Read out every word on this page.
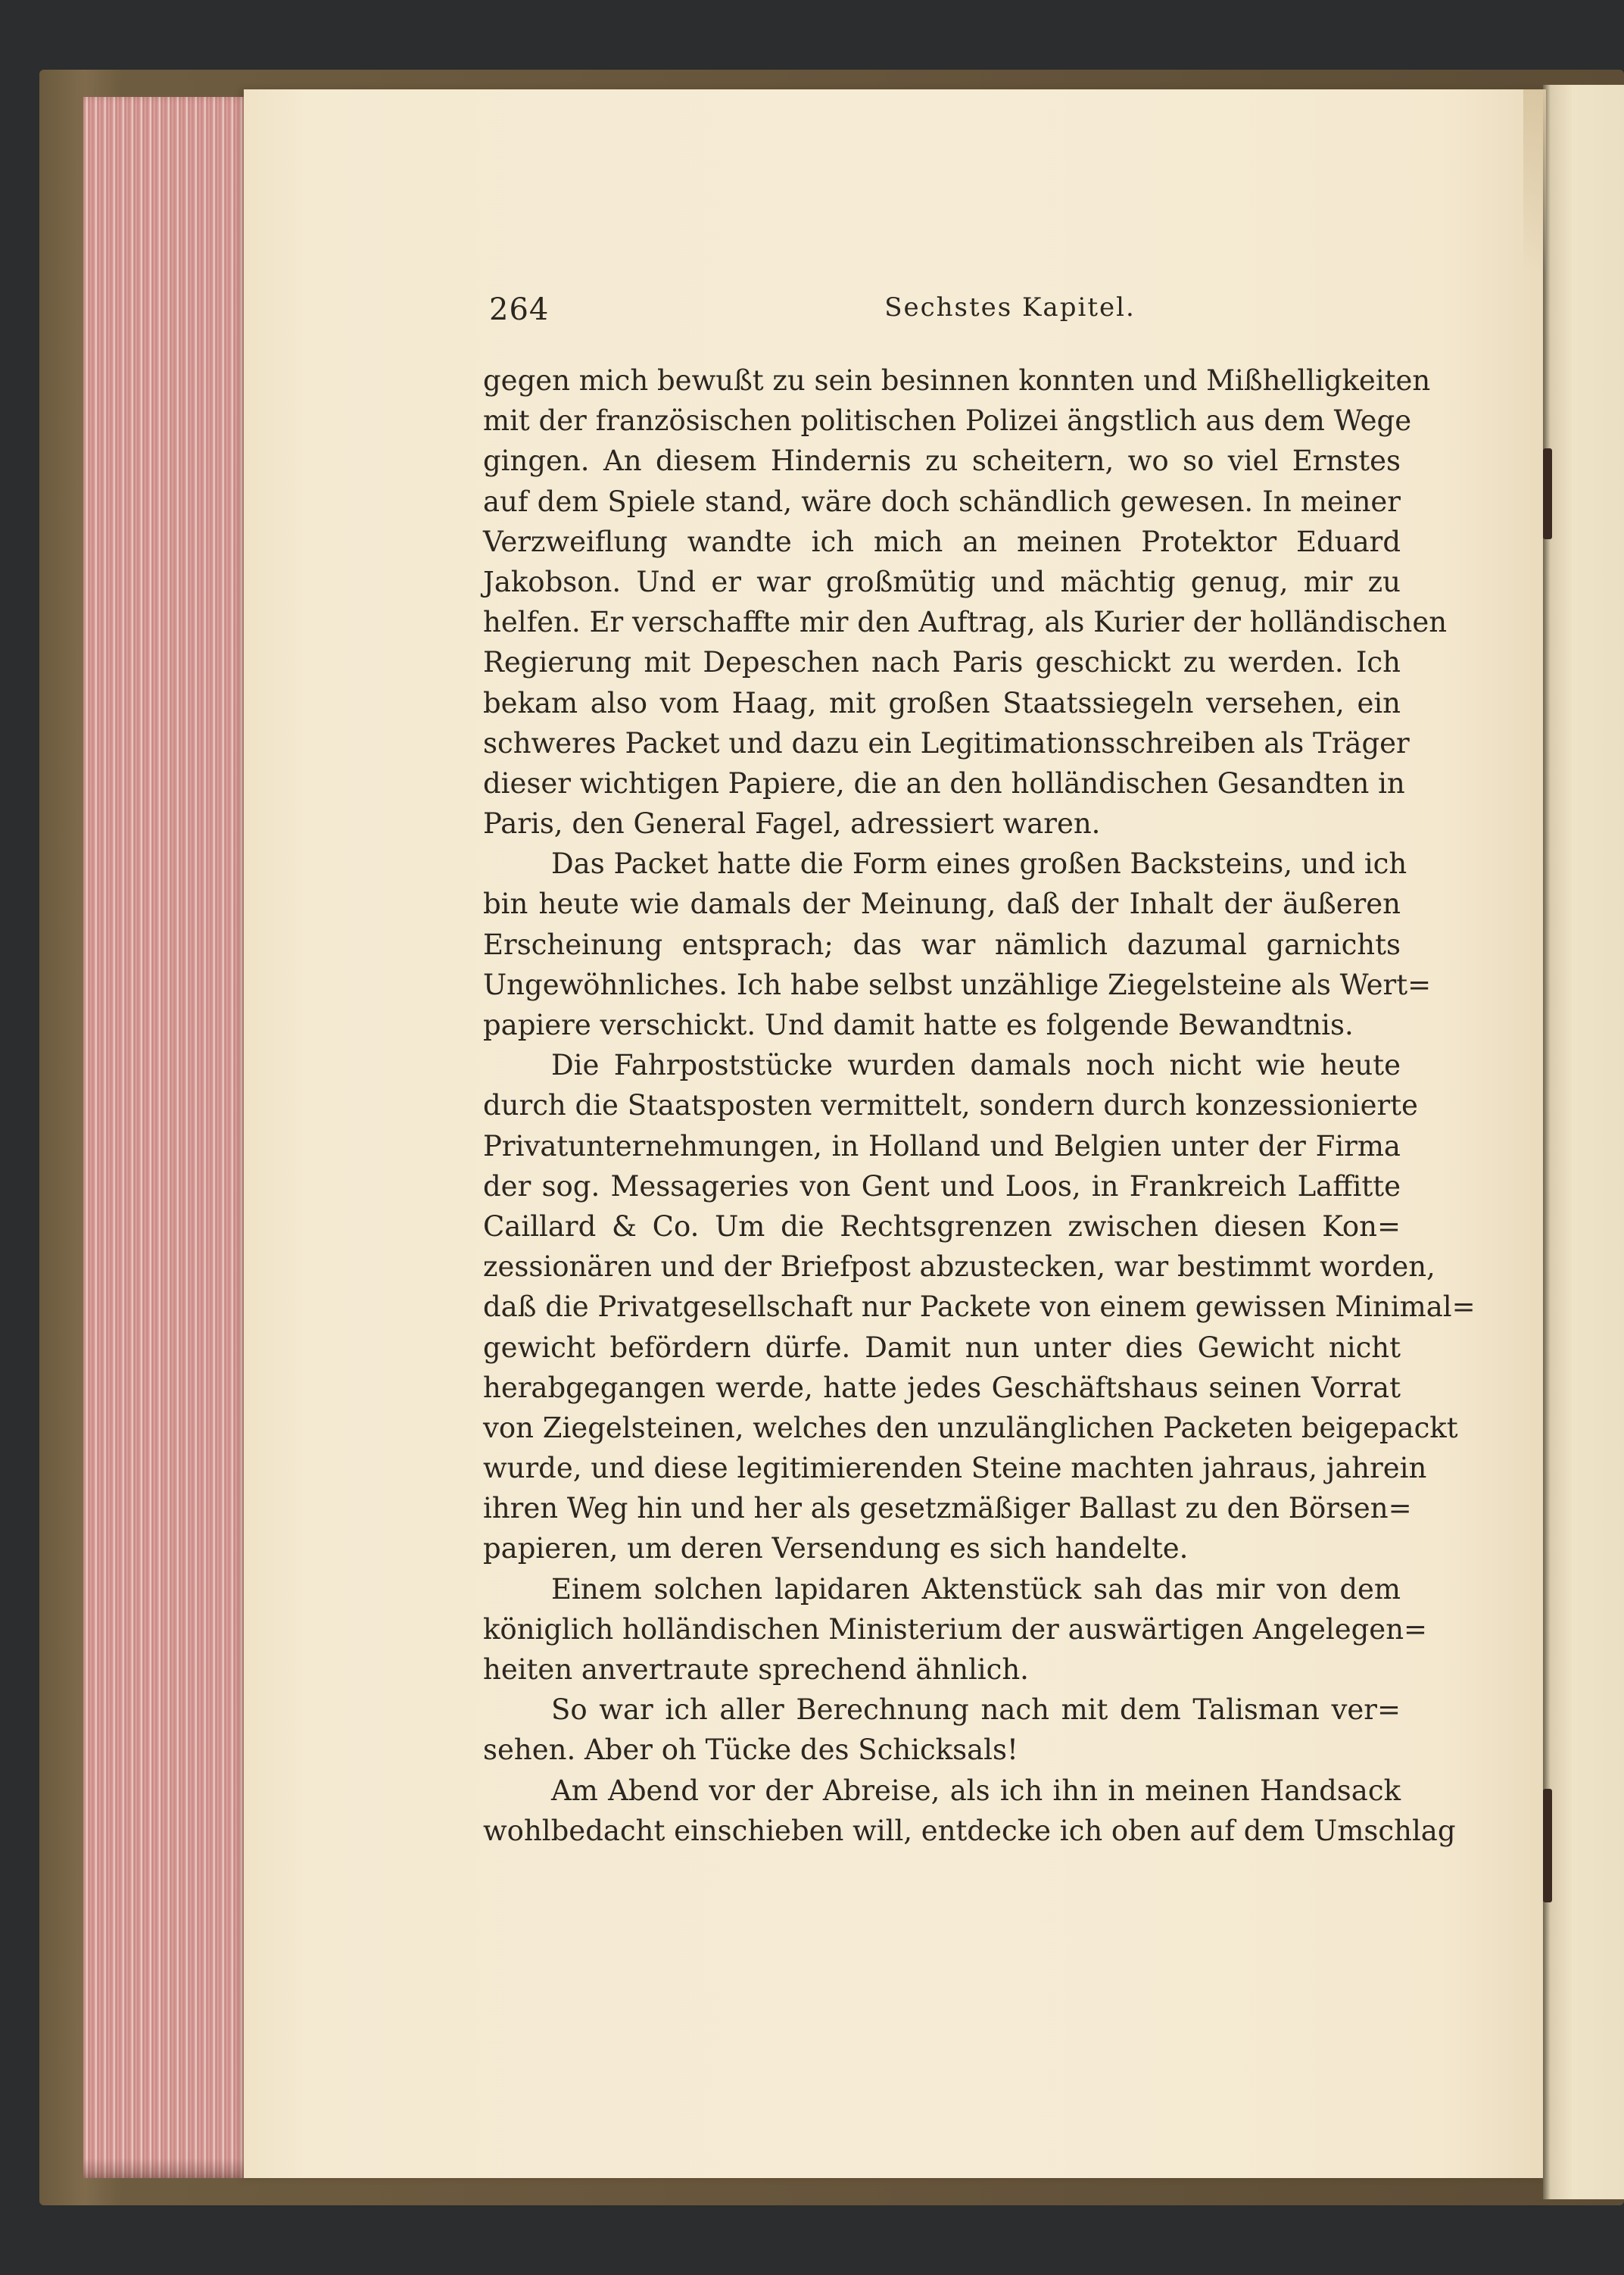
264	Sechstes Kapitel.
gegen mich bewußt zu sein besinnen konnten und Mißhelligkeiten
mit der französischen politischen Polizei ängstlich aus dem Wege
gingen. An diesem Hindernis zu scheitern, wo so viel Ernstes
auf dem Spiele stand, wäre doch schändlich gewesen. In meiner
Verzweiflung wandte ich mich an meinen Protektor Eduard
Jakobson. Und er war großmütig und mächtig genug, mir zu
helfen. Er verschaffte mir den Auftrag, als Kurier der holländischen
Regierung mit Depeschen nach Paris geschickt zu werden. Ich
bekam also vom Haag, mit großen Staatssiegeln versehen, ein
schweres Packet und dazu ein Legitimationsschreiben als Träger
dieser wichtigen Papiere, die an den holländischen Gesandten in
Paris, den General Fagel, adressiert waren.
Das Packet hatte die Form eines großen Backsteins, und ich
bin heute wie damals der Meinung, daß der Inhalt der äußeren
Erscheinung entsprach; das war nämlich dazumal garnichts
Ungewöhnliches. Ich habe selbst unzählige Ziegelsteine als Wert=
papiere verschickt. Und damit hatte es folgende Bewandtnis.
Die Fahrpoststücke wurden damals noch nicht wie heute
durch die Staatsposten vermittelt, sondern durch konzessionierte
Privatunternehmungen, in Holland und Belgien unter der Firma
der sog. Messageries von Gent und Loos, in Frankreich Laffitte
Caillard & Co. Um die Rechtsgrenzen zwischen diesen Kon=
zessionären und der Briefpost abzustecken, war bestimmt worden,
daß die Privatgesellschaft nur Packete von einem gewissen Minimal=
gewicht befördern dürfe. Damit nun unter dies Gewicht nicht
herabgegangen werde, hatte jedes Geschäftshaus seinen Vorrat
von Ziegelsteinen, welches den unzulänglichen Packeten beigepackt
wurde, und diese legitimierenden Steine machten jahraus, jahrein
ihren Weg hin und her als gesetzmäßiger Ballast zu den Börsen=
papieren, um deren Versendung es sich handelte.
Einem solchen lapidaren Aktenstück sah das mir von dem
königlich holländischen Ministerium der auswärtigen Angelegen=
heiten anvertraute sprechend ähnlich.
So war ich aller Berechnung nach mit dem Talisman ver=
sehen. Aber oh Tücke des Schicksals!
Am Abend vor der Abreise, als ich ihn in meinen Handsack
wohlbedacht einschieben will, entdecke ich oben auf dem Umschlag
